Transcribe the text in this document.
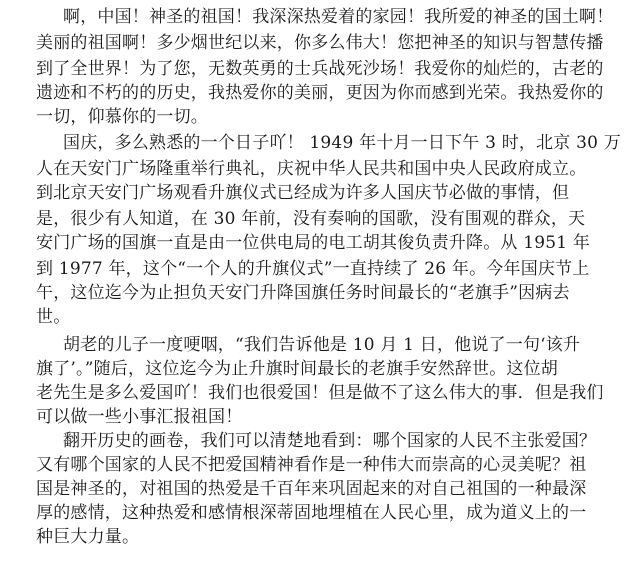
啊，中国！神圣的祖国！我深深热爱着的家园！我所爱的神圣的国土啊！
美丽的祖国啊！多少烟世纪以来，你多么伟大！您把神圣的知识与智慧传播
到了全世界！为了您，无数英勇的士兵战死沙场！我爱你的灿烂的，古老的
遗迹和不朽的的历史，我热爱你的美丽，更因为你而感到光荣。我热爱你的
一切，仰慕你的一切。
国庆，多么熟悉的一个日子吖！ 1949 年十月一日下午 3 时，北京 30 万
人在天安门广场隆重举行典礼，庆祝中华人民共和国中央人民政府成立。
到北京天安门广场观看升旗仪式已经成为许多人国庆节必做的事情，但
是，很少有人知道，在 30 年前，没有奏响的国歌，没有围观的群众，天
安门广场的国旗一直是由一位供电局的电工胡其俊负责升降。从 1951 年
到 1977 年，这个“一个人的升旗仪式”一直持续了 26 年。今年国庆节上
午，这位迄今为止担负天安门升降国旗任务时间最长的“老旗手”因病去
世。
胡老的儿子一度哽咽，“我们告诉他是 10 月 1 日，他说了一句‘该升
旗了’。”随后，这位迄今为止升旗时间最长的老旗手安然辞世。这位胡
老先生是多么爱国吖！我们也很爱国！但是做不了这么伟大的事．但是我们
可以做一些小事汇报祖国！
翻开历史的画卷，我们可以清楚地看到：哪个国家的人民不主张爱国？
又有哪个国家的人民不把爱国精神看作是一种伟大而崇高的心灵美呢？祖
国是神圣的，对祖国的热爱是千百年来巩固起来的对自己祖国的一种最深
厚的感情，这种热爱和感情根深蒂固地埋植在人民心里，成为道义上的一
种巨大力量。
